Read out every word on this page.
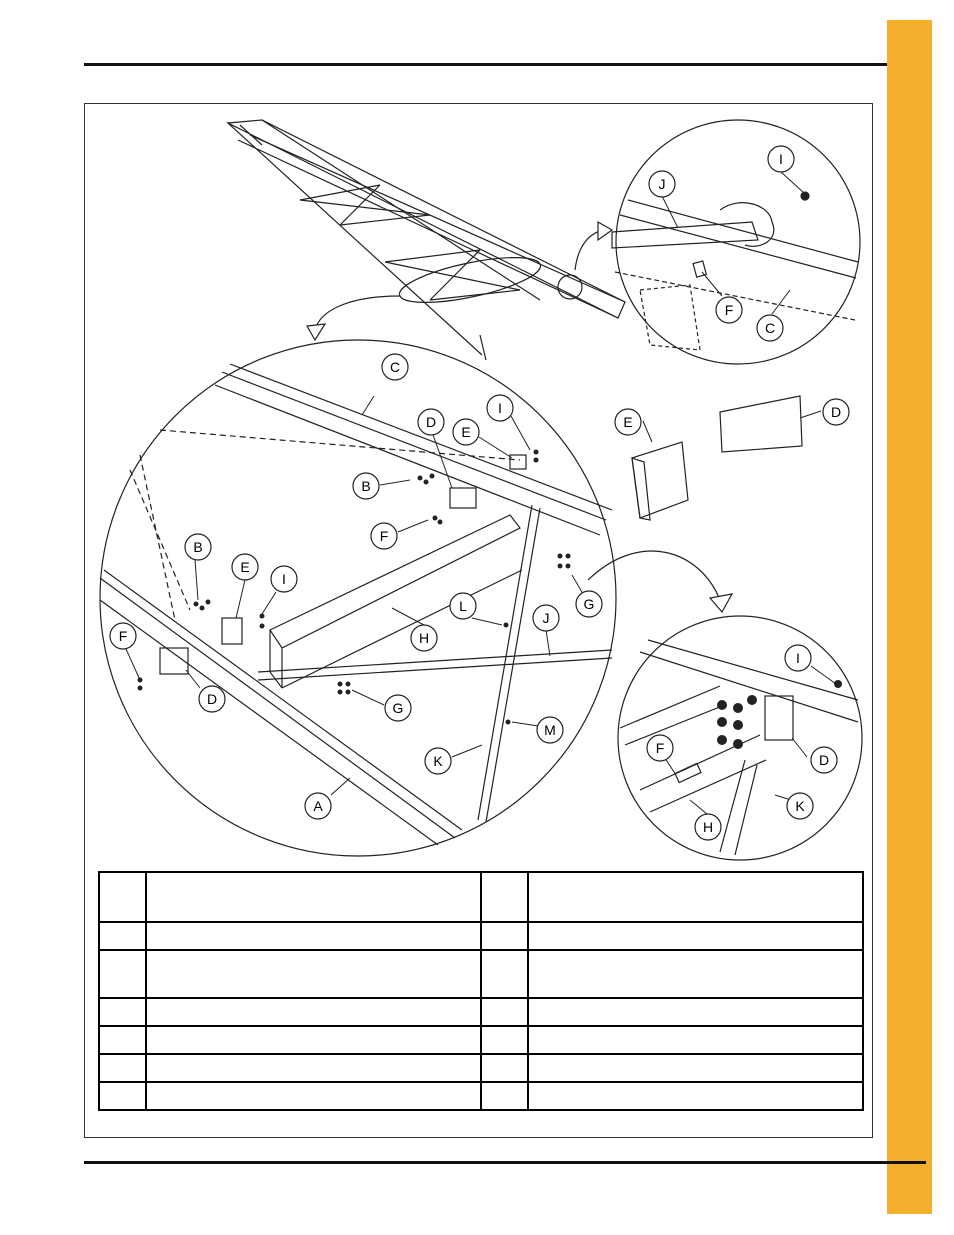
J
I
F
C
C
D
E
I
B
F
B
E
I
F
D
H
L
J
G
G
M
K
A
E
D
I
F
D
K
H
